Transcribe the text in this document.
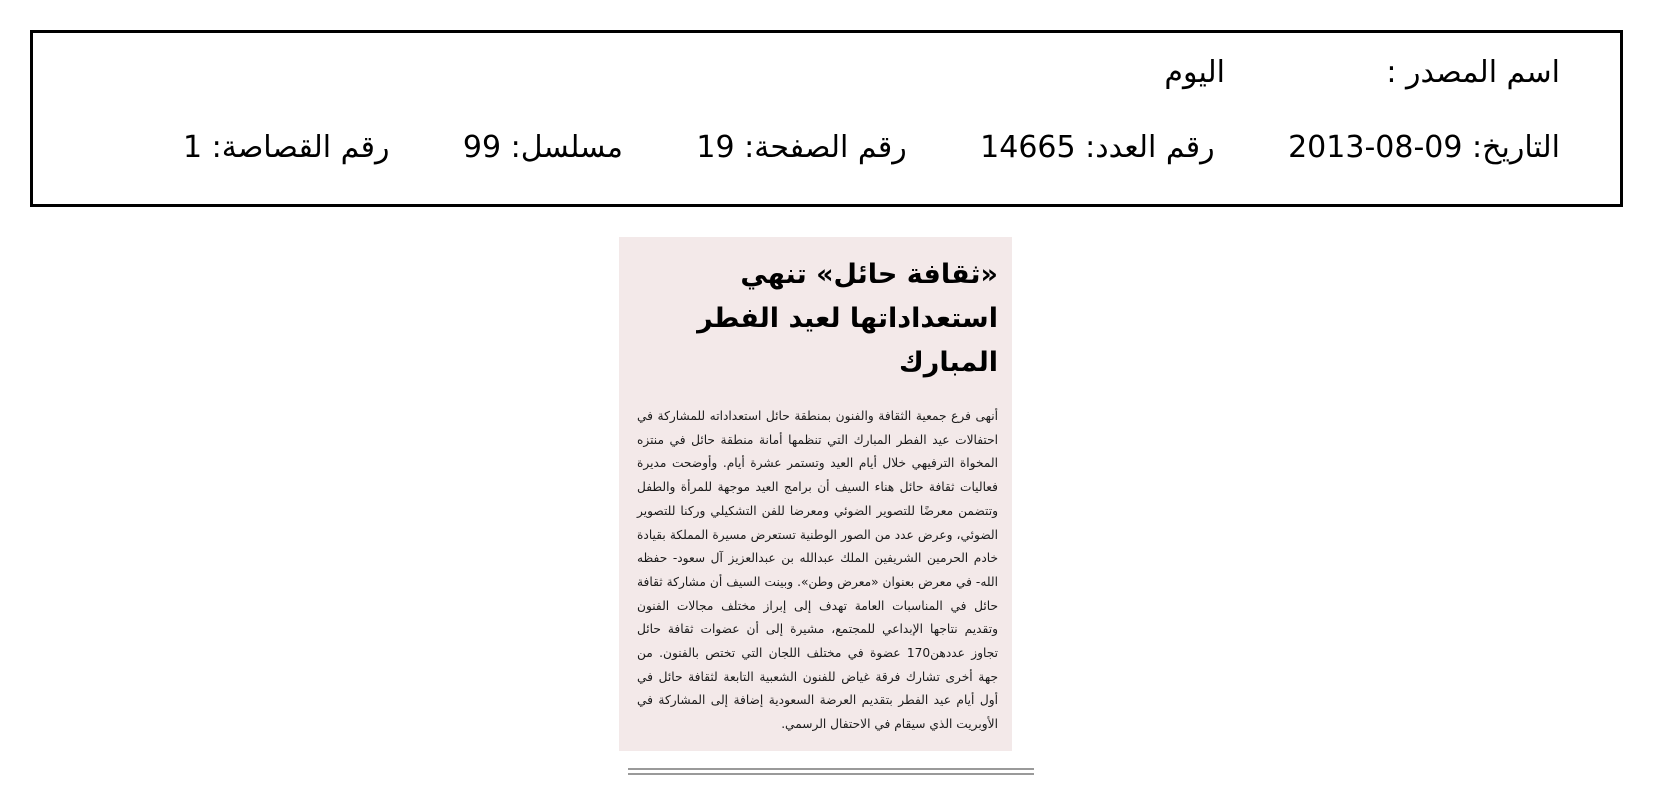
اسم المصدر :
اليوم
التاريخ: 09-08-2013
رقم العدد: 14665
رقم الصفحة: 19
مسلسل: 99
رقم القصاصة: 1
«ثقافة حائل» تنهي
استعداداتها لعيد الفطر المبارك
أنهى فرع جمعية الثقافة والفنون بمنطقة حائل استعداداته للمشاركة في احتفالات عيد الفطر المبارك التي تنظمها أمانة منطقة حائل في منتزه المخواة الترفيهي خلال أيام العيد وتستمر عشرة أيام. وأوضحت مديرة فعاليات ثقافة حائل هناء السيف أن برامج العيد موجهة للمرأة والطفل وتتضمن معرضًا للتصوير الضوئي ومعرضا للفن التشكيلي وركنا للتصوير الضوئي، وعرض عدد من الصور الوطنية تستعرض مسيرة المملكة بقيادة خادم الحرمين الشريفين الملك عبدالله بن عبدالعزيز آل سعود- حفظه الله- في معرض بعنوان «معرض وطن». وبينت السيف أن مشاركة ثقافة حائل في المناسبات العامة تهدف إلى إبراز مختلف مجالات الفنون وتقديم نتاجها الإبداعي للمجتمع، مشيرة إلى أن عضوات ثقافة حائل تجاوز عددهن170 عضوة في مختلف اللجان التي تختص بالفنون. من جهة أخرى تشارك فرقة غياض للفنون الشعبية التابعة لثقافة حائل في أول أيام عيد الفطر بتقديم العرضة السعودية إضافة إلى المشاركة في الأوبريت الذي سيقام في الاحتفال الرسمي.
